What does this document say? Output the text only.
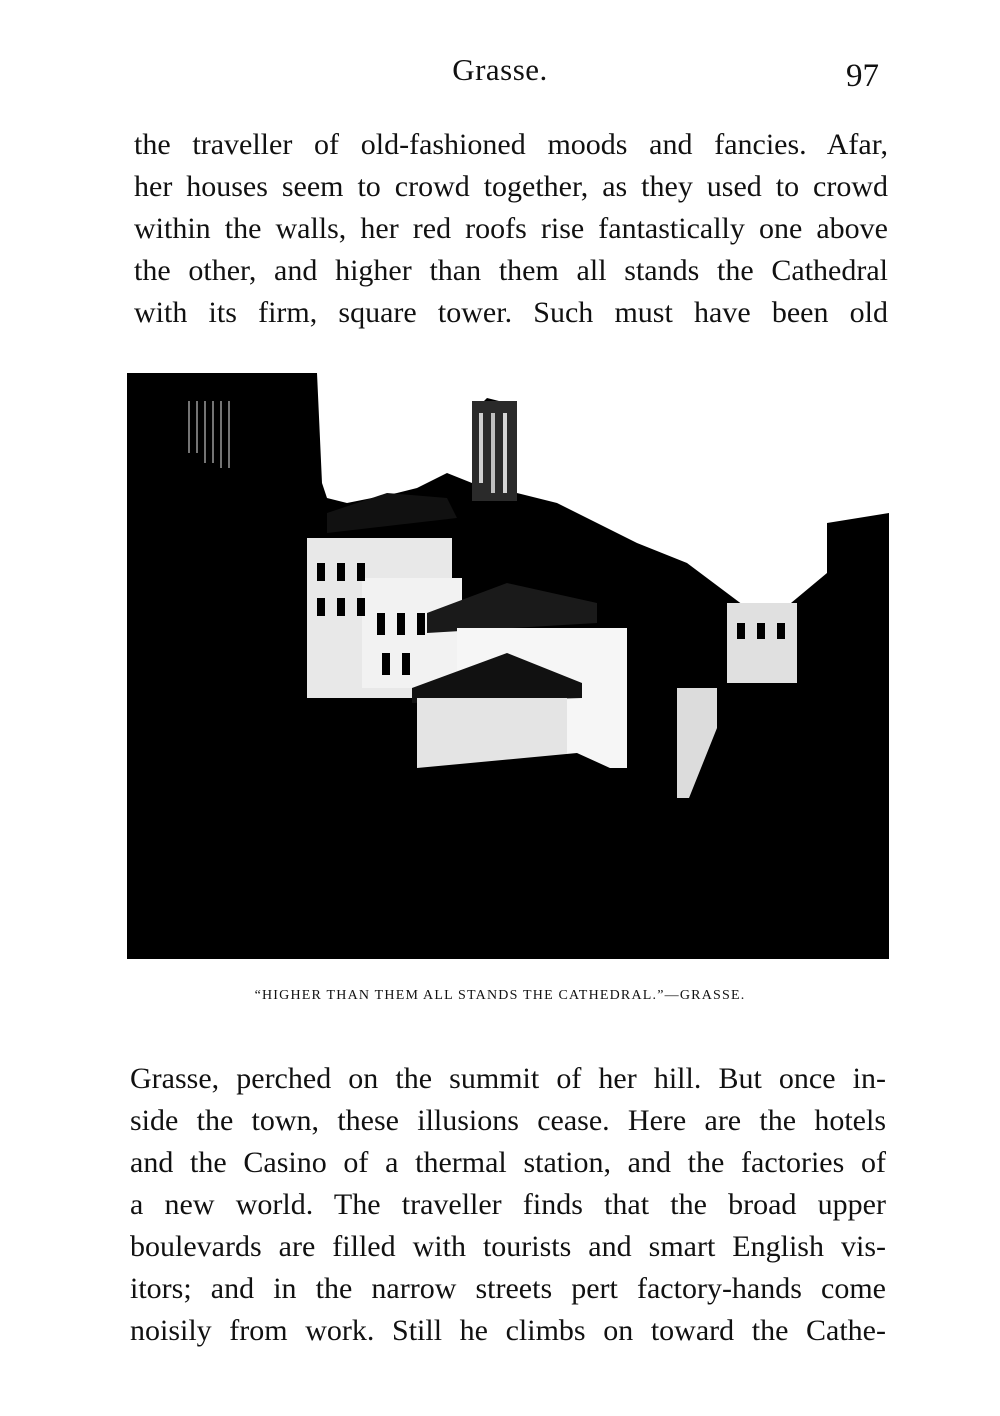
Grasse.	97

the traveller of old-fashioned moods and fancies. Afar,
her houses seem to crowd together, as they used to crowd
within the walls, her red roofs rise fantastically one above
the other, and higher than them all stands the Cathedral
with its firm, square tower. Such must have been old

“HIGHER THAN THEM ALL STANDS THE CATHEDRAL.”—GRASSE.

Grasse, perched on the summit of her hill. But once in-
side the town, these illusions cease. Here are the hotels
and the Casino of a thermal station, and the factories of
a new world. The traveller finds that the broad upper
boulevards are filled with tourists and smart English vis-
itors; and in the narrow streets pert factory-hands come
noisily from work. Still he climbs on toward the Cathe-
